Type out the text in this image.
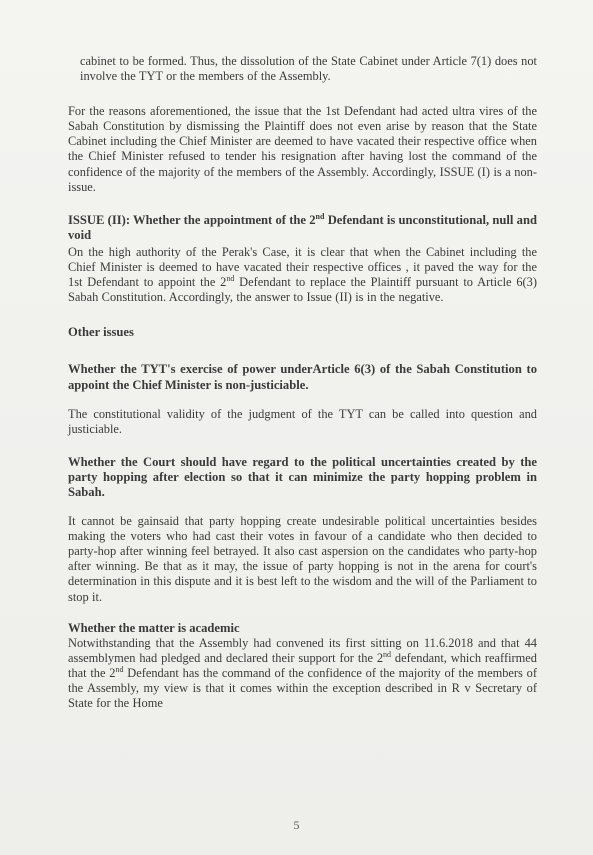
cabinet to be formed. Thus, the dissolution of the State Cabinet under Article 7(1) does not involve the TYT or the members of the Assembly.

For the reasons aforementioned, the issue that the 1st Defendant had acted ultra vires of the Sabah Constitution by dismissing the Plaintiff does not even arise by reason that the State Cabinet including the Chief Minister are deemed to have vacated their respective office when the Chief Minister refused to tender his resignation after having lost the command of the confidence of the majority of the members of the Assembly. Accordingly, ISSUE (I) is a non-issue.

ISSUE (II): Whether the appointment of the 2nd Defendant is unconstitutional, null and void

On the high authority of the Perak's Case, it is clear that when the Cabinet including the Chief Minister is deemed to have vacated their respective offices , it paved the way for the 1st Defendant to appoint the 2nd Defendant to replace the Plaintiff pursuant to Article 6(3) Sabah Constitution. Accordingly, the answer to Issue (II) is in the negative.

Other issues

Whether the TYT's exercise of power underArticle 6(3) of the Sabah Constitution to appoint the Chief Minister is non-justiciable.

The constitutional validity of the judgment of the TYT can be called into question and justiciable.

Whether the Court should have regard to the political uncertainties created by the party hopping after election so that it can minimize the party hopping problem in Sabah.

It cannot be gainsaid that party hopping create undesirable political uncertainties besides making the voters who had cast their votes in favour of a candidate who then decided to party-hop after winning feel betrayed. It also cast aspersion on the candidates who party-hop after winning. Be that as it may, the issue of party hopping is not in the arena for court's determination in this dispute and it is best left to the wisdom and the will of the Parliament to stop it.

Whether the matter is academic

Notwithstanding that the Assembly had convened its first sitting on 11.6.2018 and that 44 assemblymen had pledged and declared their support for the 2nd defendant, which reaffirmed that the 2nd Defendant has the command of the confidence of the majority of the members of the Assembly, my view is that it comes within the exception described in R v Secretary of State for the Home

5
